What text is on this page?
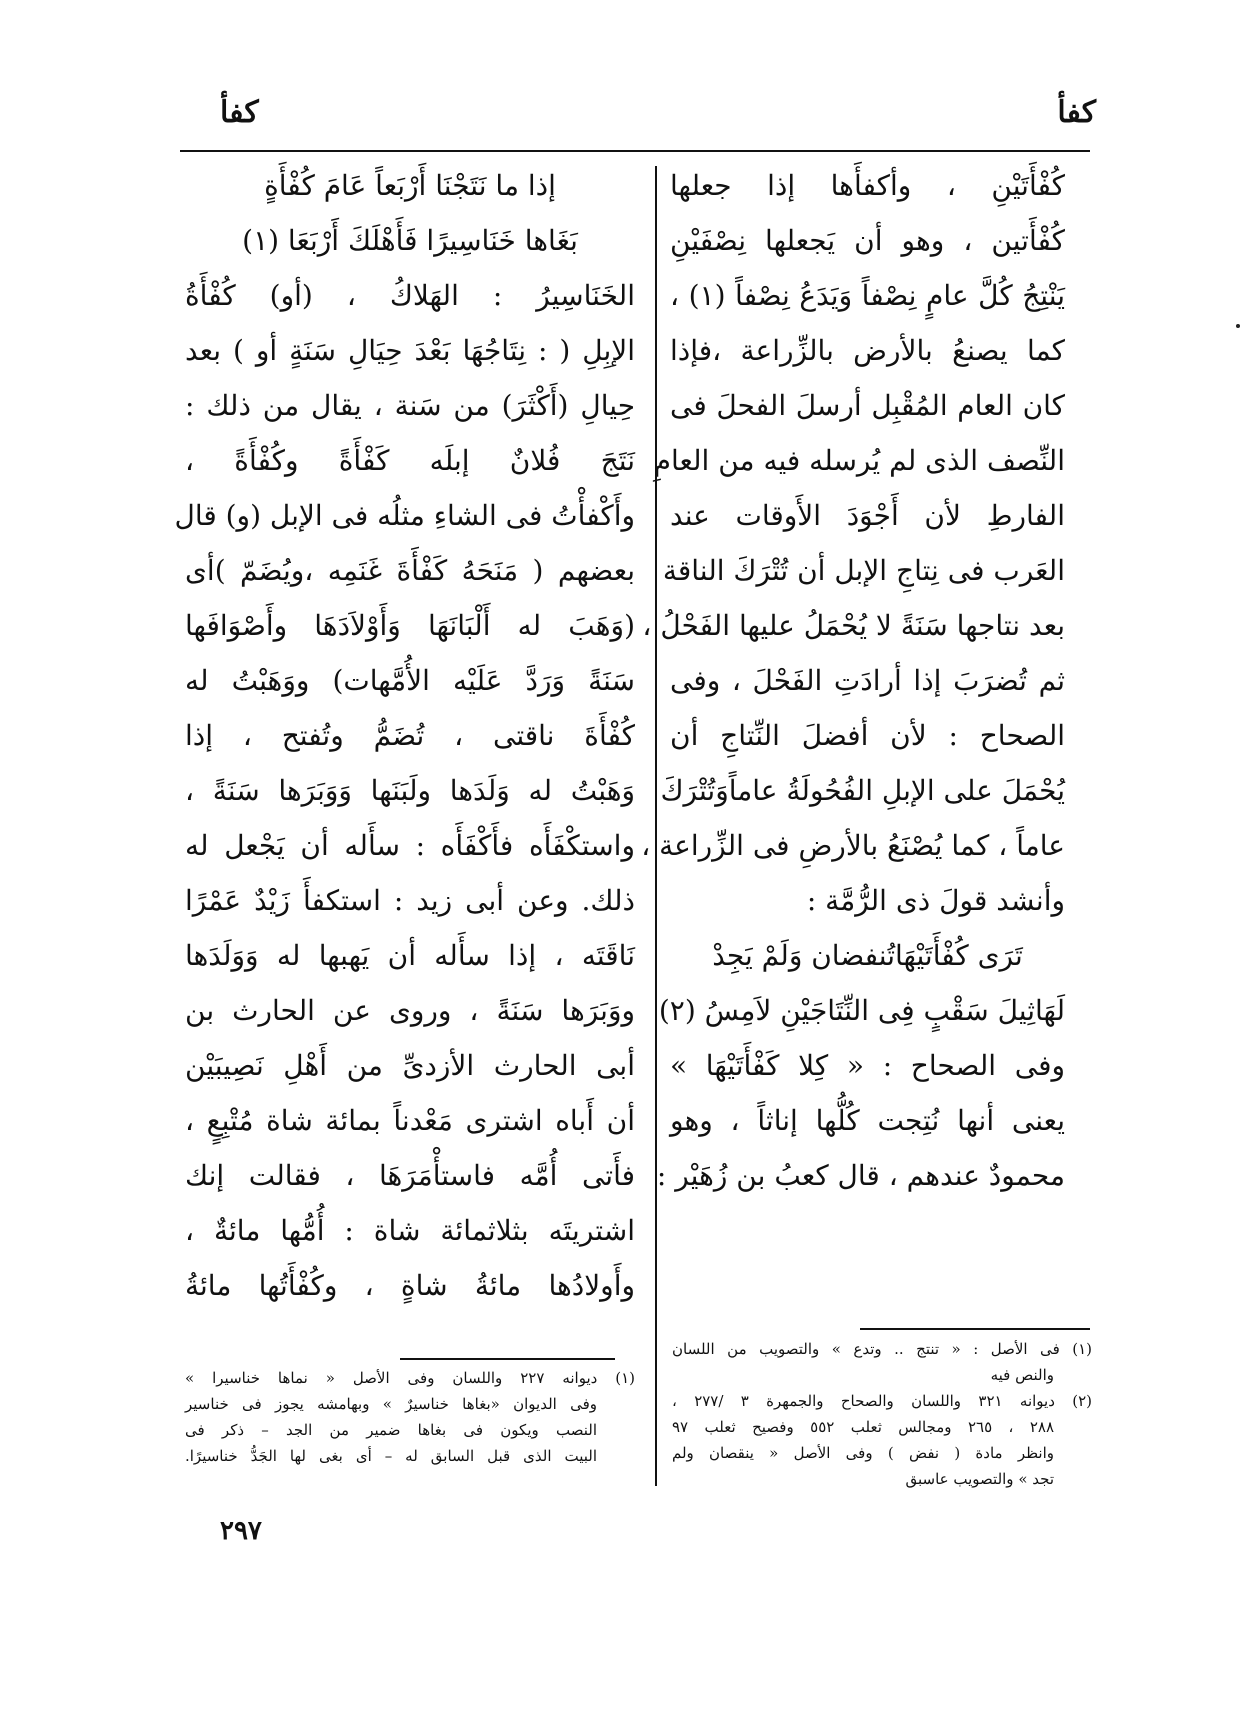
كفأ
كفأ
كُفْأَتَيْنِ ، وأكفأَها إذا جعلها
كُفْأَتين ، وهو أن يَجعلها نِصْفَيْنِ
يَنْتِجُ كُلَّ عامٍ نِصْفاً وَيَدَعُ نِصْفاً (١) ،
كما يصنعُ بالأرض بالزِّراعة ،فإذا
كان العام المُقْبِل أرسلَ الفحلَ فى
النِّصف الذى لم يُرسله فيه من العامِ
الفارطِ لأن أَجْوَدَ الأَوقات عند
العَرب فى نِتاجِ الإبل أن تُتْرَكَ الناقة
بعد نتاجها سَنَةً لا يُحْمَلُ عليها الفَحْلُ ،
ثم تُضرَبَ إذا أرادَتِ الفَحْلَ ، وفى
الصحاح : لأن أفضلَ النِّتاجِ أن
يُحْمَلَ على الإبلِ الفُحُولَةُ عاماًوَتُتْرَكَ
عاماً ، كما يُصْنَعُ بالأرضِ فى الزِّراعة ،
وأنشد قولَ ذى الرُّمَّة :
تَرَى كُفْأَتَيْهَاتُنفضان وَلَمْ يَجِدْ
لَهَاثِيلَ سَقْبٍ فِى النِّتَاجَيْنِ لاَمِسُ (٢)
وفى الصحاح : « كِلا كَفْأَتَيْهَا »
يعنى أنها نُتِجت كُلُّها إناثاً ، وهو
محمودٌ عندهم ، قال كعبُ بن زُهَيْر :
إذا ما نَتَجْنَا أَرْبَعاً عَامَ كُفْأَةٍ
بَغَاها خَنَاسِيرًا فَأَهْلَكَ أَرْبَعَا (١)
الخَنَاسِيرُ : الهَلاكُ ، (أو) كُفْأَةُ
الإبِلِ ( : نِتَاجُهَا بَعْدَ حِيَالِ سَنَةٍ أو ) بعد
حِيالِ (أَكْثَرَ) من سَنة ، يقال من ذلك :
نَتَجَ فُلانٌ إبلَه كَفْأَةً وكُفْأَةً ،
وأَكْفأْتُ فى الشاءِ مثلُه فى الإبل (و) قال
بعضهم ( مَنَحَهُ كَفْأَةَ غَنَمِه ،ويُضَمّ )أى
(وَهَبَ له أَلْبَانَهَا وَأَوْلاَدَهَا وأَصْوَافَها
سَنَةً وَرَدَّ عَلَيْه الأُمَّهات) ووَهَبْتُ له
كُفْأَةَ ناقتى ، تُضَمُّ وتُفتح ، إذا
وَهَبْتُ له وَلَدَها ولَبَنَها وَوَبَرَها سَنَةً ،
واستكْفَأَه فأَكْفَأَه : سأَله أن يَجْعل له
ذلك. وعن أبى زيد : استكفأَ زَيْدٌ عَمْرًا
نَاقَتَه ، إذا سأَله أن يَهبها له وَوَلَدَها
ووَبَرَها سَنَةً ، وروى عن الحارث بن
أبى الحارث الأزدىِّ من أَهْلِ نَصِيبَيْن
أن أَباه اشترى مَعْدناً بمائة شاة مُتْبِعٍ ،
فأَتى أُمَّه فاستأْمَرَهَا ، فقالت إنك
اشتريتَه بثلاثمائة شاة : أُمُّها مائةٌ ،
وأَولادُها مائةُ شاةٍ ، وكُفْأَتُها مائةُ
(١) فى الأصل : « تنتج .. وتدع » والتصويب من اللسان
والنص فيه
(٢) ديوانه ٣٢١ واللسان والصحاح والجمهرة ٣ /٢٧٧ ،
٢٨٨ ، ٢٦٥ ومجالس ثعلب ٥٥٢ وفصيح ثعلب ٩٧
وانظر مادة ( نفض ) وفى الأصل « ينقصان ولم
تجد » والتصويب عاسبق
(١) ديوانه ٢٢٧ واللسان وفى الأصل « نماها خناسيرا »
وفى الديوان «بغاها خناسيرٌ » وبهامشه يجوز فى خناسير
النصب ويكون فى بغاها ضمير من الجد – ذكر فى
البيت الذى قبل السابق له – أى بغى لها الجَدُّ خناسيرًا.
٢٩٧
